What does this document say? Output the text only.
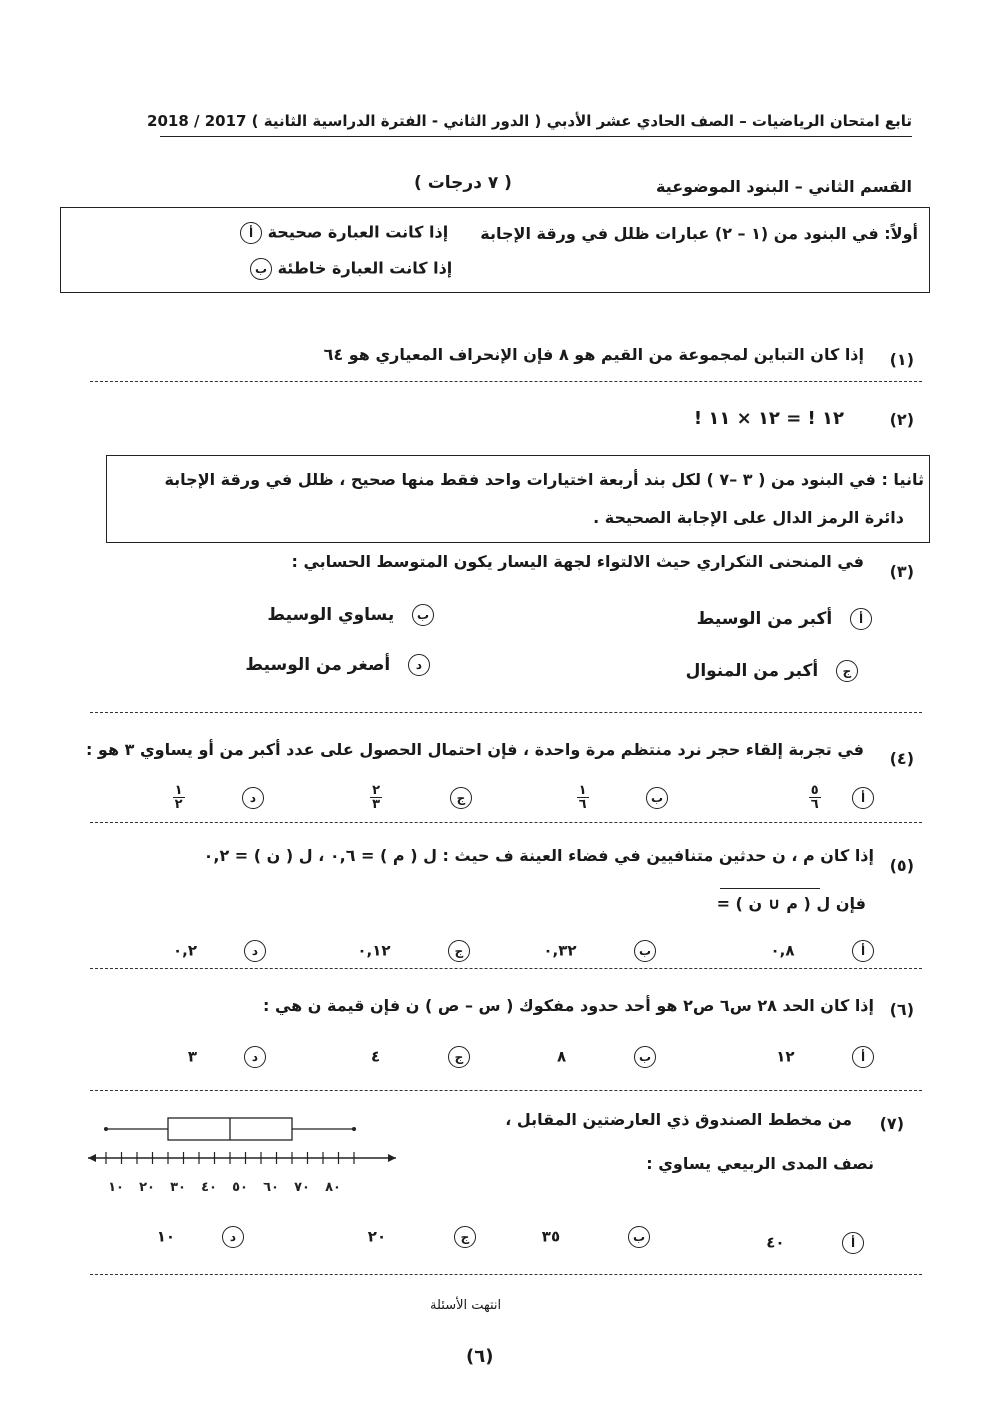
تابع امتحان الرياضيات – الصف الحادي عشر الأدبي ( الدور الثاني - الفترة الدراسية الثانية ) 2017 / 2018
القسم الثاني – البنود الموضوعية
( ٧ درجات )
أولاً: في البنود من (١ – ٢) عبارات ظلل في ورقة الإجابة
إذا كانت العبارة صحيحة أ
إذا كانت العبارة خاطئة ب
(١)
إذا كان التباين لمجموعة من القيم هو ٨ فإن الإنحراف المعياري هو ٦٤
(٢)
١٢ ! = ١٢ × ١١ !
ثانيا : في البنود من ( ٣ –٧ ) لكل بند أربعة اختيارات واحد فقط منها صحيح ، ظلل في ورقة الإجابة
دائرة الرمز الدال على الإجابة الصحيحة .
(٣)
في المنحنى التكراري حيث الالتواء لجهة اليسار يكون المتوسط الحسابي :
أ   أكبر من الوسيط
ب   يساوي الوسيط
ج   أكبر من المنوال
د   أصغر من الوسيط
(٤)
في تجربة إلقاء حجر نرد منتظم مرة واحدة ، فإن احتمال الحصول على عدد أكبر من أو يساوي ٣ هو :
أ
$\frac{٥}{٦}$
ب
$\frac{١}{٦}$
ج
$\frac{٢}{٣}$
د
$\frac{١}{٢}$
(٥)
إذا كان م ، ن حدثين متنافيين في فضاء العينة ف حيث : ل ( م ) = ٠,٦ ، ل ( ن ) = ٠,٢
فإن ل ( م ∪ ن ) =
أ           ٠,٨
ب           ٠,٣٢
ج           ٠,١٢
د         ٠,٢
(٦)
إذا كان الحد ٢٨ س٦ ص٢ هو أحد حدود مفكوك ( س – ص ) ن فإن قيمة ن هي :
أ           ١٢
ب             ٨
ج             ٤
د         ٣
(٧)
من مخطط الصندوق ذي العارضتين المقابل ،
نصف المدى الربيعي يساوي :
١٠ ٢٠ ٣٠ ٤٠ ٥٠ ٦٠ ٧٠ ٨٠
أ           ٤٠
ب             ٣٥
ج             ٢٠
د         ١٠
انتهت الأسئلة
(٦)
